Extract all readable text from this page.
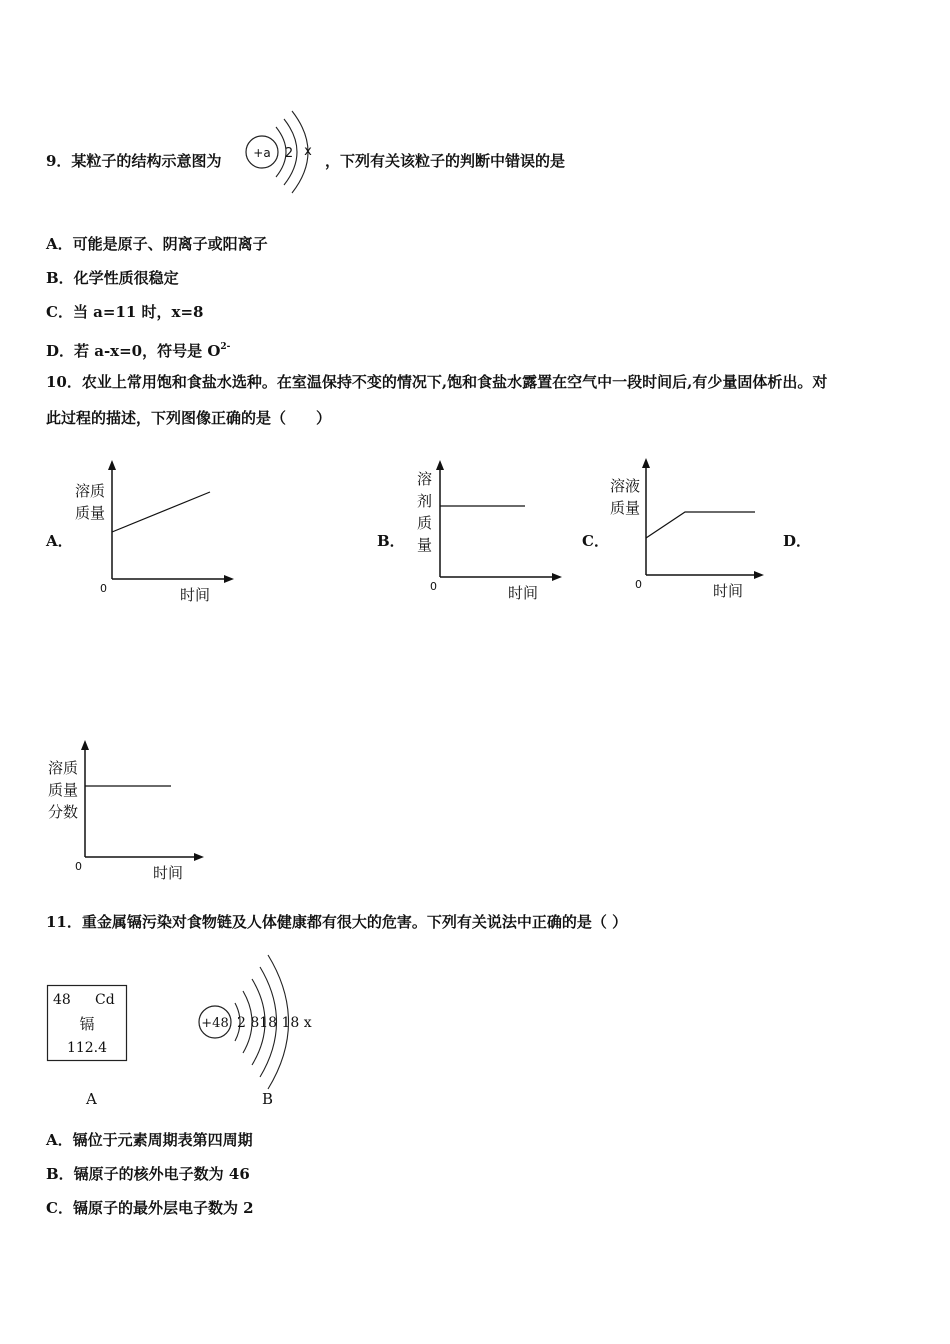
9．某粒子的结构示意图为	+a 2 x
，下列有关该粒子的判断中错误的是
A．可能是原子、阴离子或阳离子
B．化学性质很稳定
C．当 a=11 时，x=8
D．若 a-x=0，符号是 $O^{2-}$
10．农业上常用饱和食盐水选种。在室温保持不变的情况下,饱和食盐水露置在空气中一段时间后,有少量固体析出。对
此过程的描述，下列图像正确的是（　　）
A．	B．	C．	D．
溶质
质量
0	时间
溶
剂
质
量
0	时间
溶液
质量
0	时间
溶质
质量
分数
0	时间
11．重金属镉污染对食物链及人体健康都有很大的危害。下列有关说法中正确的是（ ）
48 Cd
镉
112.4
A
+48 2 818 18 x
B
A．镉位于元素周期表第四周期
B．镉原子的核外电子数为 46
C．镉原子的最外层电子数为 2
